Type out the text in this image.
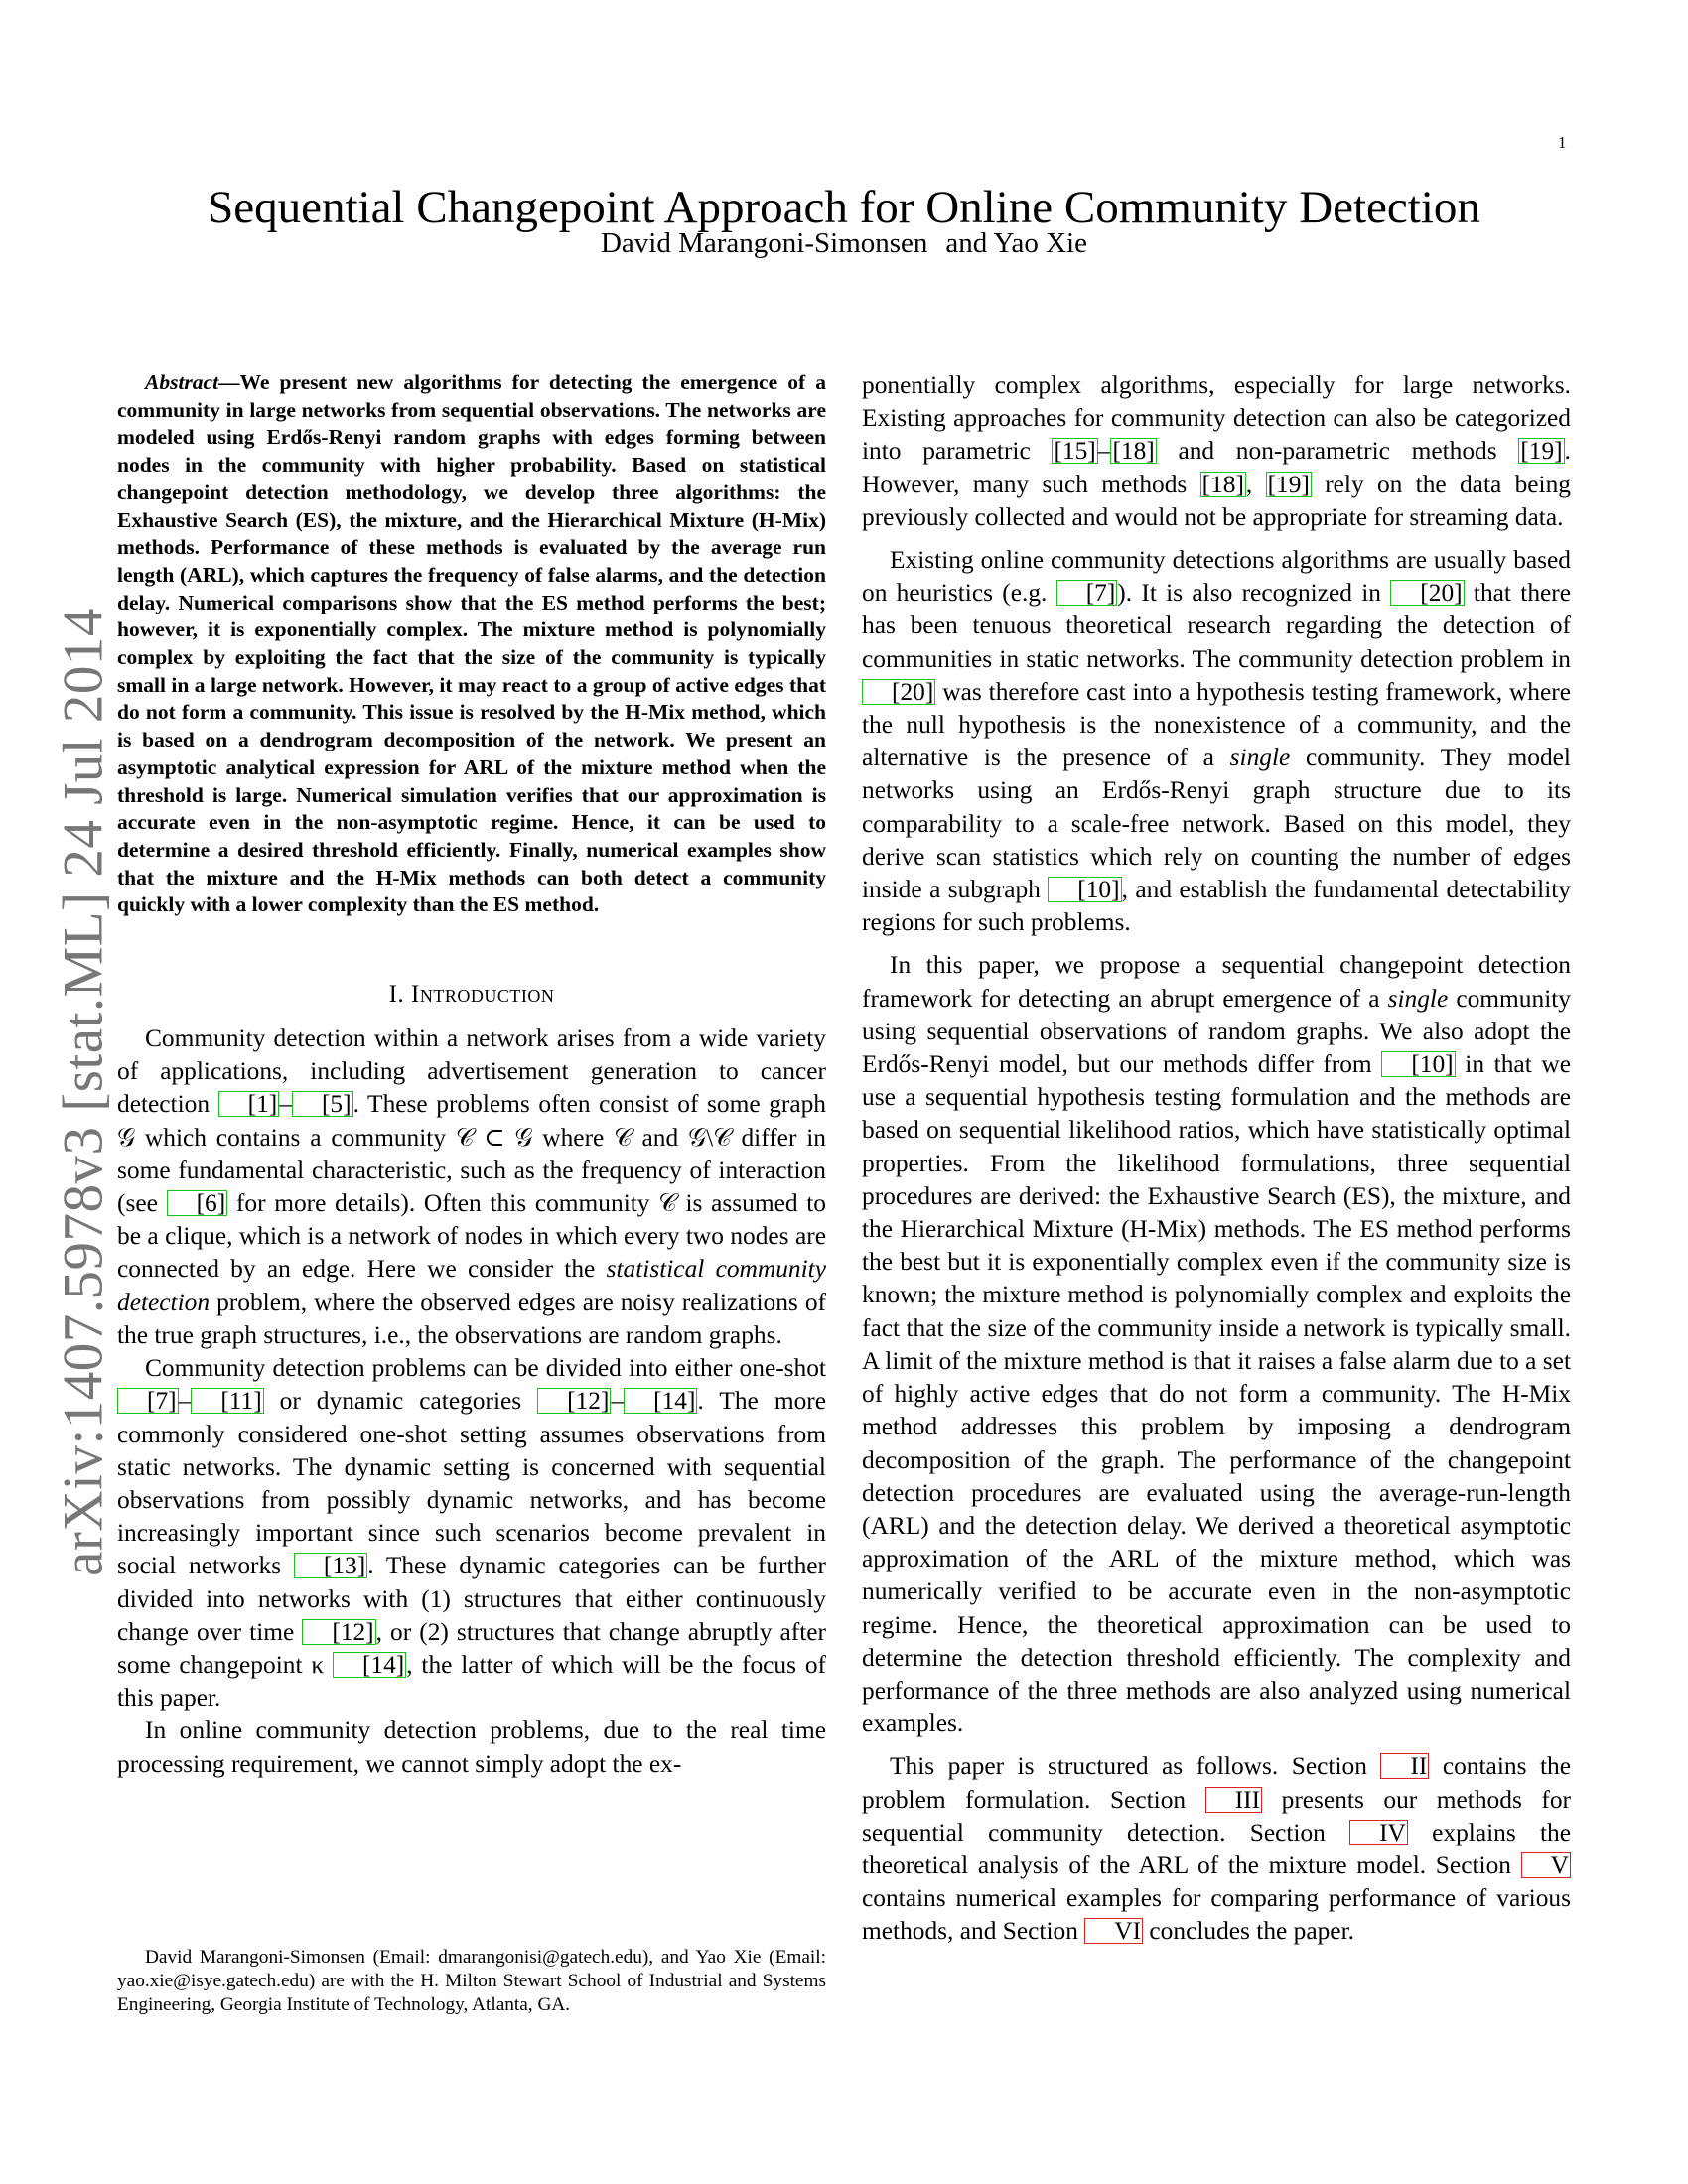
1
Sequential Changepoint Approach for Online Community Detection
David Marangoni-Simonsen and Yao Xie
arXiv:1407.5978v3 [stat.ML] 24 Jul 2014

Abstract—We present new algorithms for detecting the emergence of a community in large networks from sequential observations. The networks are modeled using Erdős-Renyi random graphs with edges forming between nodes in the community with higher probability. Based on statistical changepoint detection methodology, we develop three algorithms: the Exhaustive Search (ES), the mixture, and the Hierarchical Mixture (H-Mix) methods. Performance of these methods is evaluated by the average run length (ARL), which captures the frequency of false alarms, and the detection delay. Numerical comparisons show that the ES method performs the best; however, it is exponentially complex. The mixture method is polynomially complex by exploiting the fact that the size of the community is typically small in a large network. However, it may react to a group of active edges that do not form a community. This issue is resolved by the H-Mix method, which is based on a dendrogram decomposition of the network. We present an asymptotic analytical expression for ARL of the mixture method when the threshold is large. Numerical simulation verifies that our approximation is accurate even in the non-asymptotic regime. Hence, it can be used to determine a desired threshold efficiently. Finally, numerical examples show that the mixture and the H-Mix methods can both detect a community quickly with a lower complexity than the ES method.

I. Introduction

Community detection within a network arises from a wide variety of applications, including advertisement generation to cancer detection [1]– [5]. These problems often consist of some graph 𝒢 which contains a community 𝒞 ⊂ 𝒢 where 𝒞 and 𝒢\𝒞 differ in some fundamental characteristic, such as the frequency of interaction (see [6] for more details). Often this community 𝒞 is assumed to be a clique, which is a network of nodes in which every two nodes are connected by an edge. Here we consider the statistical community detection problem, where the observed edges are noisy realizations of the true graph structures, i.e., the observations are random graphs.

Community detection problems can be divided into either one-shot [7]– [11] or dynamic categories [12]– [14]. The more commonly considered one-shot setting assumes observations from static networks. The dynamic setting is concerned with sequential observations from possibly dynamic networks, and has become increasingly important since such scenarios become prevalent in social networks [13]. These dynamic categories can be further divided into networks with (1) structures that either continuously change over time [12], or (2) structures that change abruptly after some changepoint κ [14], the latter of which will be the focus of this paper.

In online community detection problems, due to the real time processing requirement, we cannot simply adopt the ex-

David Marangoni-Simonsen (Email: dmarangonisi@gatech.edu), and Yao Xie (Email: yao.xie@isye.gatech.edu) are with the H. Milton Stewart School of Industrial and Systems Engineering, Georgia Institute of Technology, Atlanta, GA.

ponentially complex algorithms, especially for large networks. Existing approaches for community detection can also be categorized into parametric [15]–[18] and non-parametric methods [19]. However, many such methods [18], [19] rely on the data being previously collected and would not be appropriate for streaming data.

Existing online community detections algorithms are usually based on heuristics (e.g. [7]). It is also recognized in [20] that there has been tenuous theoretical research regarding the detection of communities in static networks. The community detection problem in [20] was therefore cast into a hypothesis testing framework, where the null hypothesis is the nonexistence of a community, and the alternative is the presence of a single community. They model networks using an Erdős-Renyi graph structure due to its comparability to a scale-free network. Based on this model, they derive scan statistics which rely on counting the number of edges inside a subgraph [10], and establish the fundamental detectability regions for such problems.

In this paper, we propose a sequential changepoint detection framework for detecting an abrupt emergence of a single community using sequential observations of random graphs. We also adopt the Erdős-Renyi model, but our methods differ from [10] in that we use a sequential hypothesis testing formulation and the methods are based on sequential likelihood ratios, which have statistically optimal properties. From the likelihood formulations, three sequential procedures are derived: the Exhaustive Search (ES), the mixture, and the Hierarchical Mixture (H-Mix) methods. The ES method performs the best but it is exponentially complex even if the community size is known; the mixture method is polynomially complex and exploits the fact that the size of the community inside a network is typically small. A limit of the mixture method is that it raises a false alarm due to a set of highly active edges that do not form a community. The H-Mix method addresses this problem by imposing a dendrogram decomposition of the graph. The performance of the changepoint detection procedures are evaluated using the average-run-length (ARL) and the detection delay. We derived a theoretical asymptotic approximation of the ARL of the mixture method, which was numerically verified to be accurate even in the non-asymptotic regime. Hence, the theoretical approximation can be used to determine the detection threshold efficiently. The complexity and performance of the three methods are also analyzed using numerical examples.

This paper is structured as follows. Section II contains the problem formulation. Section III presents our methods for sequential community detection. Section IV explains the theoretical analysis of the ARL of the mixture model. Section V contains numerical examples for comparing performance of various methods, and Section VI concludes the paper.
